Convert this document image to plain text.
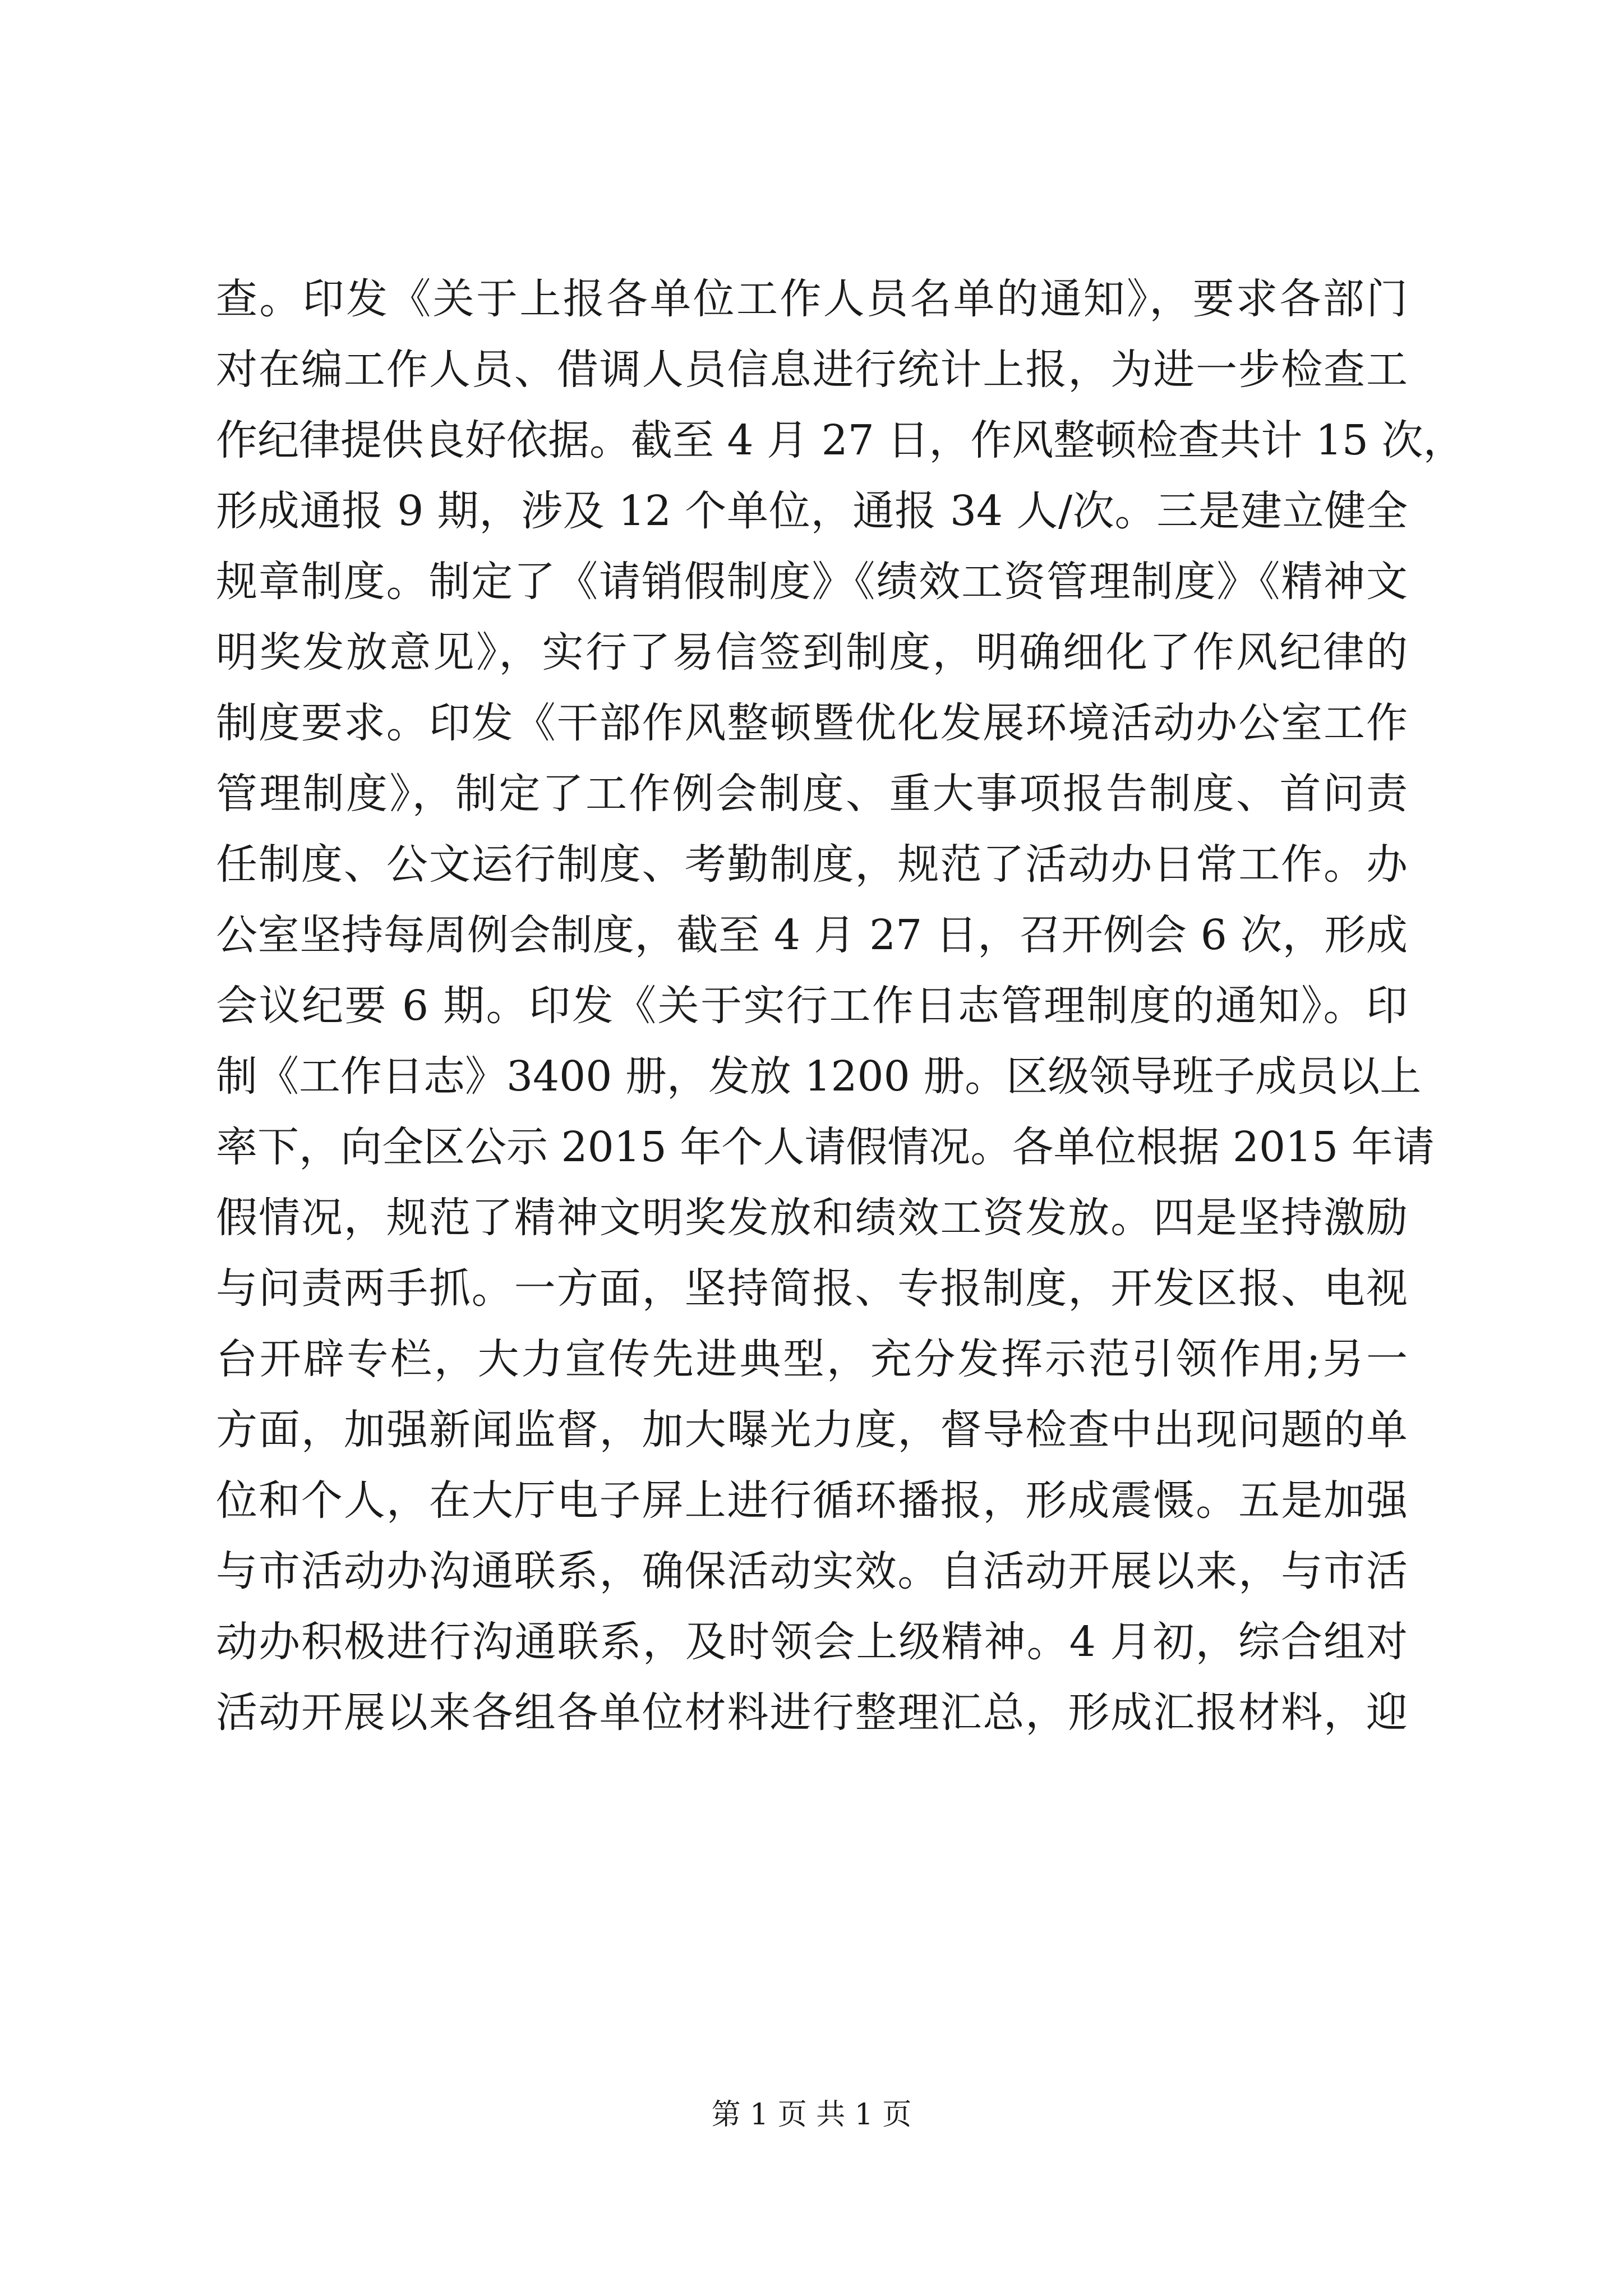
查。印发《关于上报各单位工作人员名单的通知》，要求各部门
对在编工作人员、借调人员信息进行统计上报，为进一步检查工
作纪律提供良好依据。截至 4 月 27 日，作风整顿检查共计 15 次，
形成通报 9 期，涉及 12 个单位，通报 34 人/次。三是建立健全
规章制度。制定了《请销假制度》《绩效工资管理制度》《精神文
明奖发放意见》，实行了易信签到制度，明确细化了作风纪律的
制度要求。印发《干部作风整顿暨优化发展环境活动办公室工作
管理制度》，制定了工作例会制度、重大事项报告制度、首问责
任制度、公文运行制度、考勤制度，规范了活动办日常工作。办
公室坚持每周例会制度，截至 4 月 27 日，召开例会 6 次，形成
会议纪要 6 期。印发《关于实行工作日志管理制度的通知》。印
制《工作日志》3400 册，发放 1200 册。区级领导班子成员以上
率下，向全区公示 2015 年个人请假情况。各单位根据 2015 年请
假情况，规范了精神文明奖发放和绩效工资发放。四是坚持激励
与问责两手抓。一方面，坚持简报、专报制度，开发区报、电视
台开辟专栏，大力宣传先进典型，充分发挥示范引领作用;另一
方面，加强新闻监督，加大曝光力度，督导检查中出现问题的单
位和个人，在大厅电子屏上进行循环播报，形成震慑。五是加强
与市活动办沟通联系，确保活动实效。自活动开展以来，与市活
动办积极进行沟通联系，及时领会上级精神。4 月初，综合组对
活动开展以来各组各单位材料进行整理汇总，形成汇报材料，迎
第 1 页 共 1 页
